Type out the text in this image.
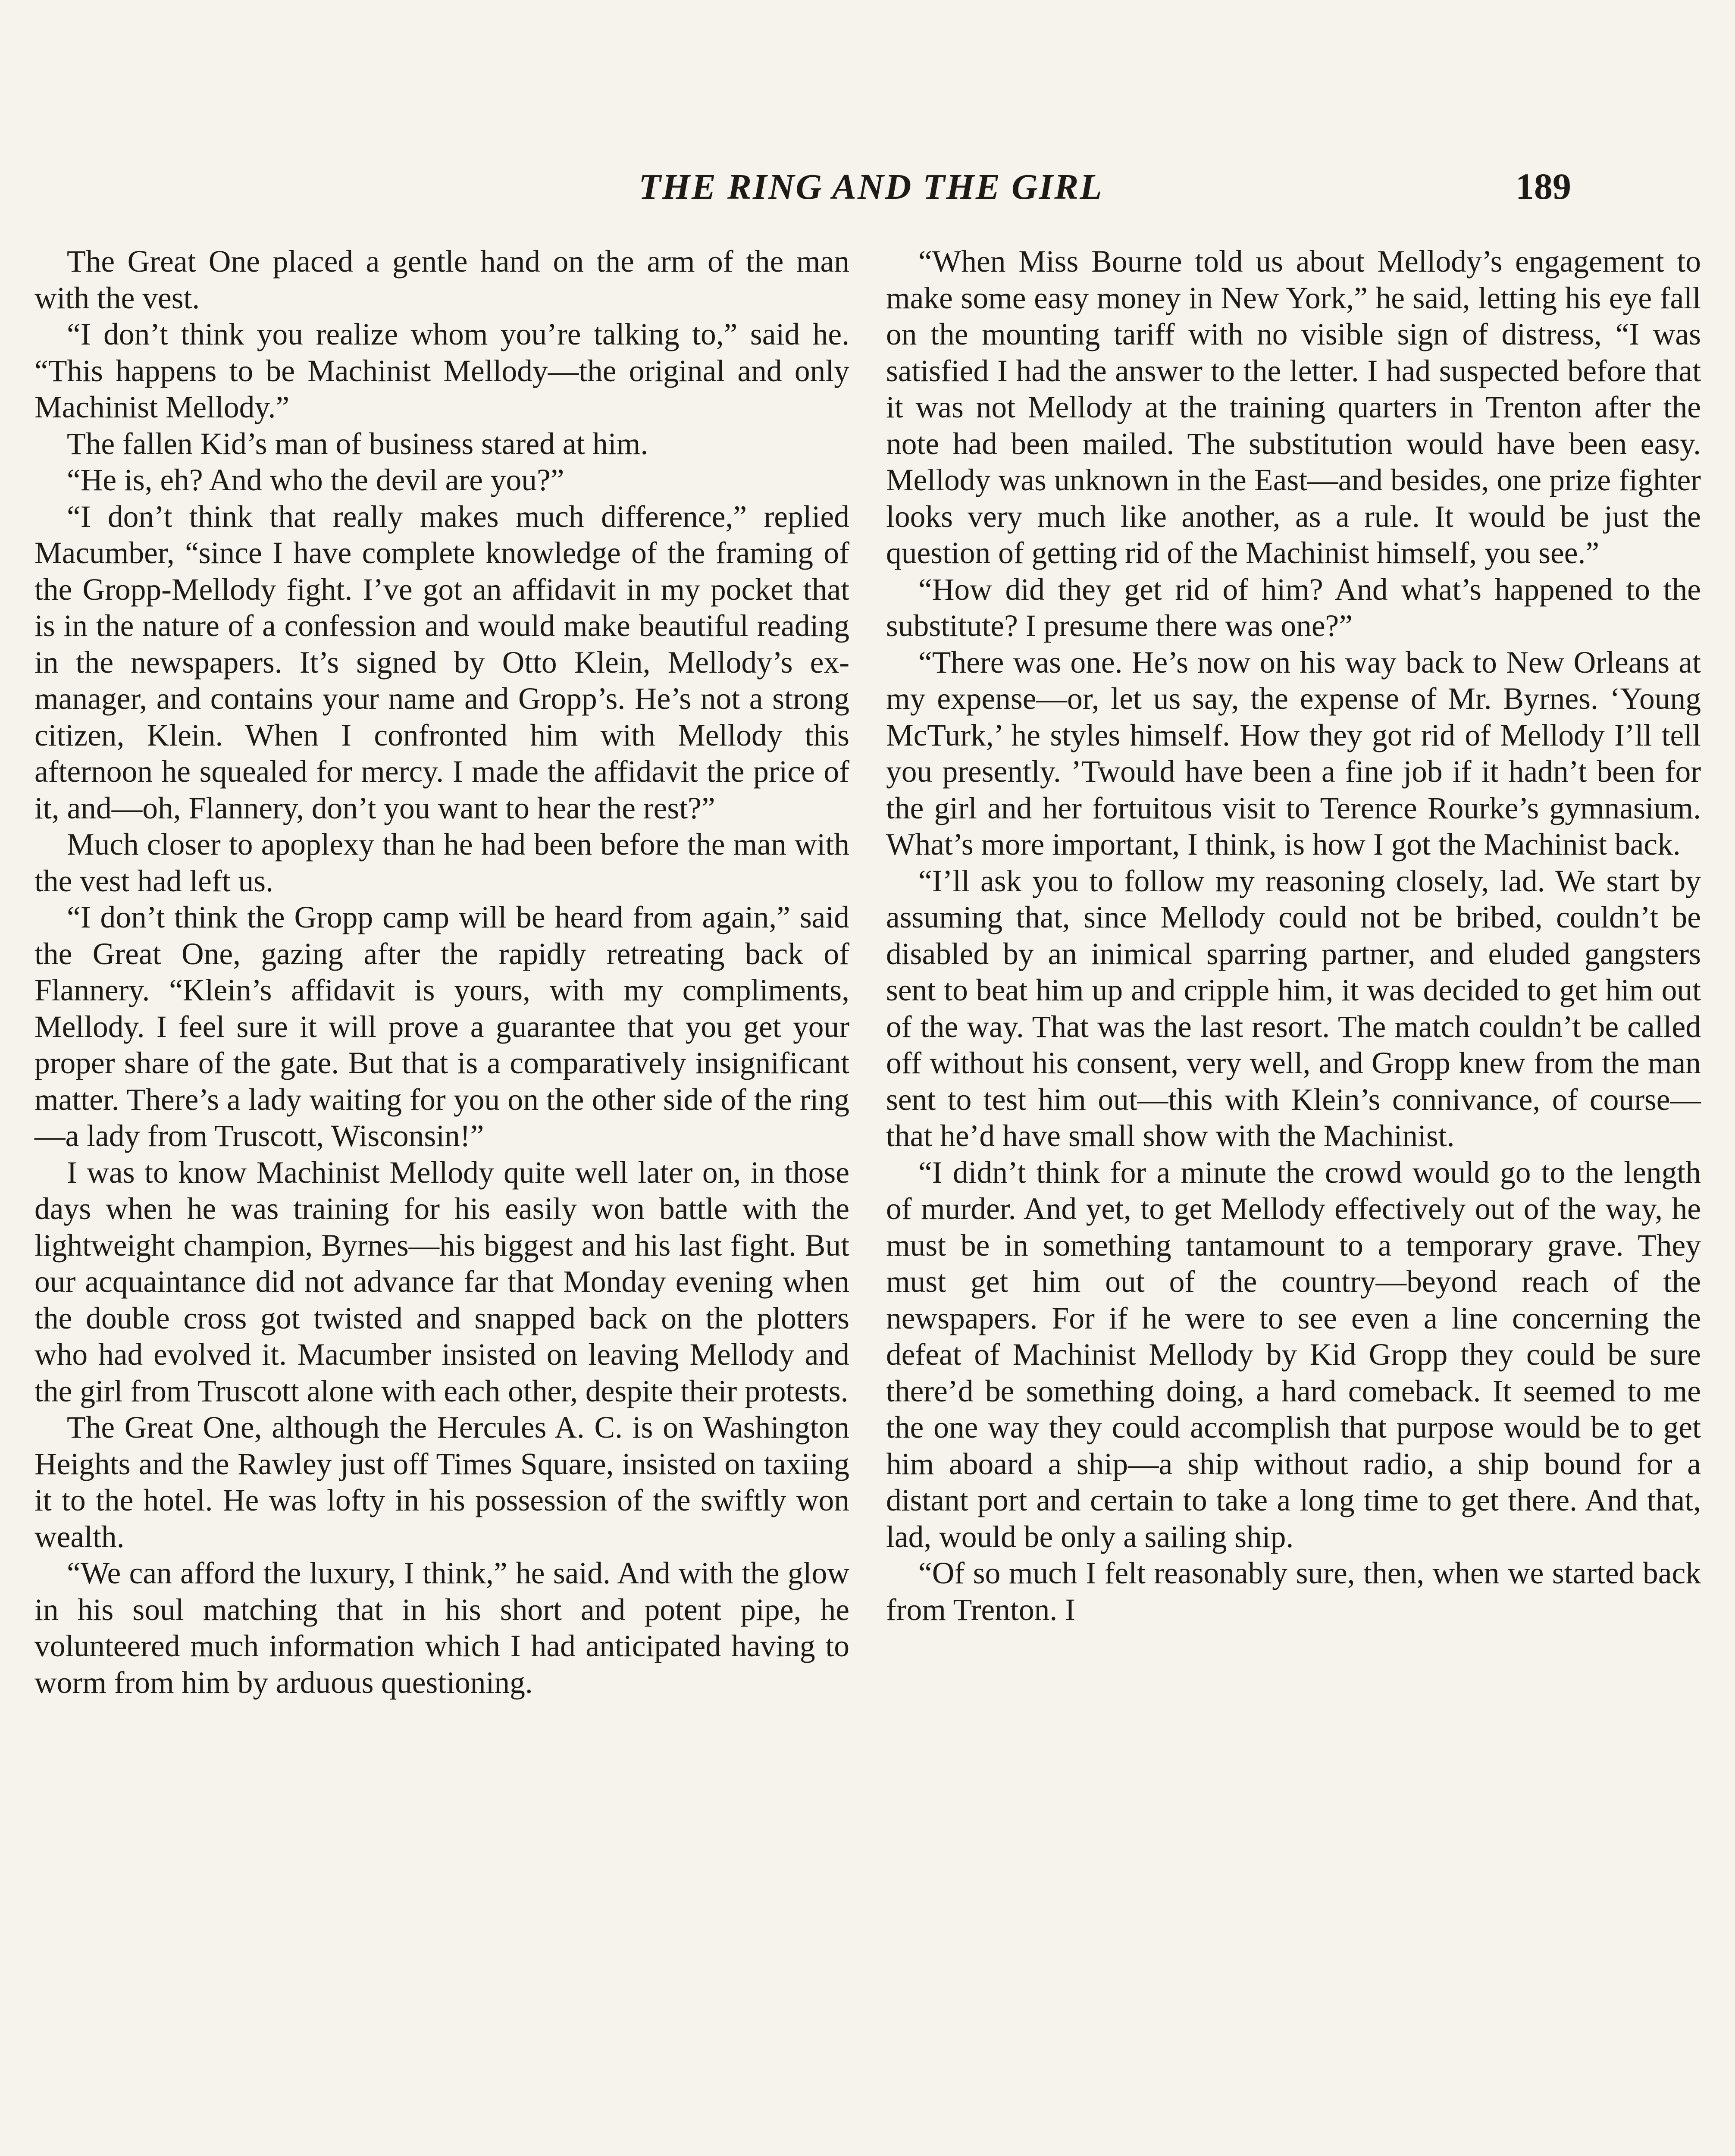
THE RING AND THE GIRL	189

The Great One placed a gentle hand on the arm of the man with the vest.

“I don’t think you realize whom you’re talking to,” said he. “This happens to be Machinist Mellody—the original and only Machinist Mellody.”

The fallen Kid’s man of business stared at him.

“He is, eh? And who the devil are you?”

“I don’t think that really makes much difference,” replied Macumber, “since I have complete knowledge of the framing of the Gropp-Mellody fight. I’ve got an affidavit in my pocket that is in the nature of a confession and would make beautiful reading in the newspapers. It’s signed by Otto Klein, Mellody’s ex-manager, and contains your name and Gropp’s. He’s not a strong citizen, Klein. When I confronted him with Mellody this afternoon he squealed for mercy. I made the affidavit the price of it, and—oh, Flannery, don’t you want to hear the rest?”

Much closer to apoplexy than he had been before the man with the vest had left us.

“I don’t think the Gropp camp will be heard from again,” said the Great One, gazing after the rapidly retreating back of Flannery. “Klein’s affidavit is yours, with my compliments, Mellody. I feel sure it will prove a guarantee that you get your proper share of the gate. But that is a comparatively insignificant matter. There’s a lady waiting for you on the other side of the ring—a lady from Truscott, Wisconsin!”

I was to know Machinist Mellody quite well later on, in those days when he was training for his easily won battle with the lightweight champion, Byrnes—his biggest and his last fight. But our acquaintance did not advance far that Monday evening when the double cross got twisted and snapped back on the plotters who had evolved it. Macumber insisted on leaving Mellody and the girl from Truscott alone with each other, despite their protests.

The Great One, although the Hercules A. C. is on Washington Heights and the Rawley just off Times Square, insisted on taxiing it to the hotel. He was lofty in his possession of the swiftly won wealth.

“We can afford the luxury, I think,” he said. And with the glow in his soul matching that in his short and potent pipe, he volunteered much information which I had anticipated having to worm from him by arduous questioning.

“When Miss Bourne told us about Mellody’s engagement to make some easy money in New York,” he said, letting his eye fall on the mounting tariff with no visible sign of distress, “I was satisfied I had the answer to the letter. I had suspected before that it was not Mellody at the training quarters in Trenton after the note had been mailed. The substitution would have been easy. Mellody was unknown in the East—and besides, one prize fighter looks very much like another, as a rule. It would be just the question of getting rid of the Machinist himself, you see.”

“How did they get rid of him? And what’s happened to the substitute? I presume there was one?”

“There was one. He’s now on his way back to New Orleans at my expense—or, let us say, the expense of Mr. Byrnes. ‘Young McTurk,’ he styles himself. How they got rid of Mellody I’ll tell you presently. ’Twould have been a fine job if it hadn’t been for the girl and her fortuitous visit to Terence Rourke’s gymnasium. What’s more important, I think, is how I got the Machinist back.

“I’ll ask you to follow my reasoning closely, lad. We start by assuming that, since Mellody could not be bribed, couldn’t be disabled by an inimical sparring partner, and eluded gangsters sent to beat him up and cripple him, it was decided to get him out of the way. That was the last resort. The match couldn’t be called off without his consent, very well, and Gropp knew from the man sent to test him out—this with Klein’s connivance, of course—that he’d have small show with the Machinist.

“I didn’t think for a minute the crowd would go to the length of murder. And yet, to get Mellody effectively out of the way, he must be in something tantamount to a temporary grave. They must get him out of the country—beyond reach of the newspapers. For if he were to see even a line concerning the defeat of Machinist Mellody by Kid Gropp they could be sure there’d be something doing, a hard comeback. It seemed to me the one way they could accomplish that purpose would be to get him aboard a ship—a ship without radio, a ship bound for a distant port and certain to take a long time to get there. And that, lad, would be only a sailing ship.

“Of so much I felt reasonably sure, then, when we started back from Trenton. I
